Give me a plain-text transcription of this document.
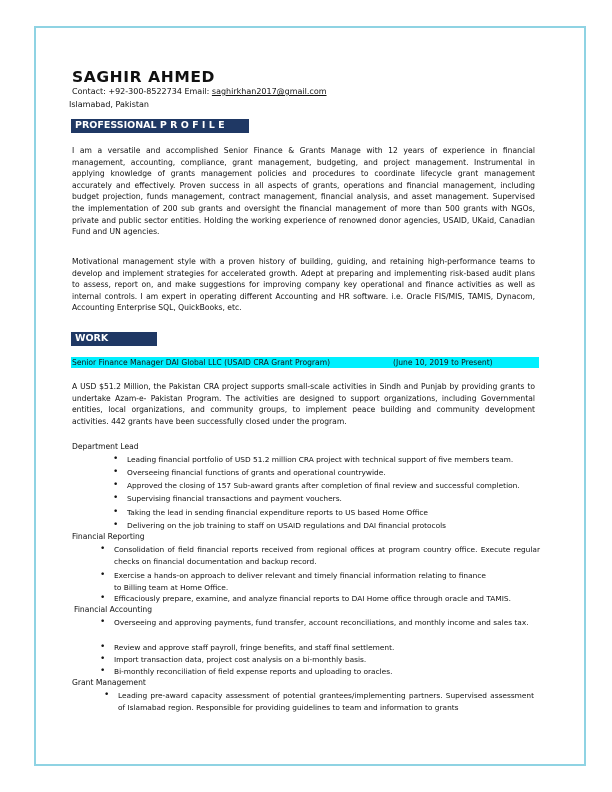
SAGHIR AHMED
Contact: +92-300-8522734 Email: saghirkhan2017@gmail.com
Islamabad, Pakistan
PROFESSIONAL P R O F I L E
I am a versatile and accomplished Senior Finance & Grants Manage with 12 years of experience in financial management, accounting, compliance, grant management, budgeting, and project management. Instrumental in applying knowledge of grants management policies and procedures to coordinate lifecycle grant management accurately and effectively. Proven success in all aspects of grants, operations and financial management, including budget projection, funds management, contract management, financial analysis, and asset management. Supervised the implementation of 200 sub grants and oversight the financial management of more than 500 grants with NGOs, private and public sector entities. Holding the working experience of renowned donor agencies, USAID, UKaid, Canadian Fund and UN agencies.
Motivational management style with a proven history of building, guiding, and retaining high-performance teams to develop and implement strategies for accelerated growth. Adept at preparing and implementing risk-based audit plans to assess, report on, and make suggestions for improving company key operational and finance activities as well as internal controls. I am expert in operating different Accounting and HR software. i.e. Oracle FIS/MIS, TAMIS, Dynacom, Accounting Enterprise SQL, QuickBooks, etc.
WORK HISTORY
Senior Finance Manager DAI Global LLC (USAID CRA Grant Program)	(June 10, 2019 to Present)
A USD $51.2 Million, the Pakistan CRA project supports small-scale activities in Sindh and Punjab by providing grants to undertake Azam-e- Pakistan Program. The activities are designed to support organizations, including Governmental entities, local organizations, and community groups, to implement peace building and community development activities. 442 grants have been successfully closed under the program.
Department Lead
• Leading financial portfolio of USD 51.2 million CRA project with technical support of five members team.
• Overseeing financial functions of grants and operational countrywide.
• Approved the closing of 157 Sub-award grants after completion of final review and successful completion.
• Supervising financial transactions and payment vouchers.
• Taking the lead in sending financial expenditure reports to US based Home Office
• Delivering on the job training to staff on USAID regulations and DAI financial protocols
Financial Reporting
• Consolidation of field financial reports received from regional offices at program country office. Execute regular checks on financial documentation and backup record.
• Exercise a hands-on approach to deliver relevant and timely financial information relating to finance to Billing team at Home Office.
• Efficaciously prepare, examine, and analyze financial reports to DAI Home office through oracle and TAMIS.
Financial Accounting
• Overseeing and approving payments, fund transfer, account reconciliations, and monthly income and sales tax.
• Review and approve staff payroll, fringe benefits, and staff final settlement.
• Import transaction data, project cost analysis on a bi-monthly basis.
• Bi-monthly reconciliation of field expense reports and uploading to oracles.
Grant Management
• Leading pre-award capacity assessment of potential grantees/implementing partners. Supervised assessment of Islamabad region. Responsible for providing guidelines to team and information to grants
